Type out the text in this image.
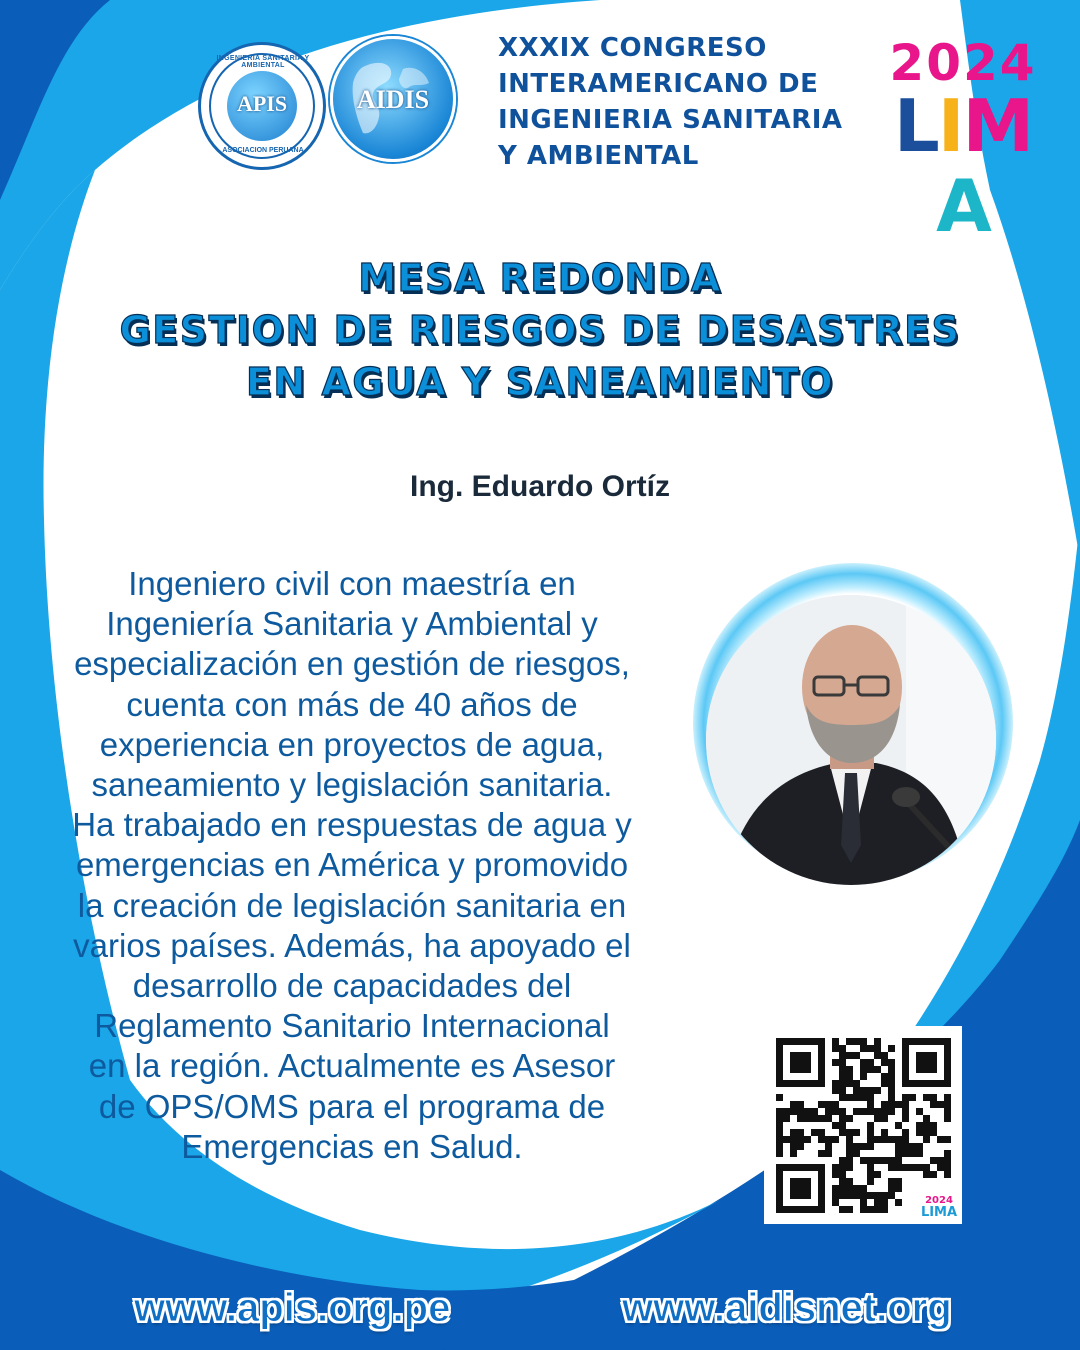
INGENIERIA SANITARIA Y AMBIENTAL
APIS
ASOCIACION PERUANA
AIDIS
XXXIX CONGRESO
INTERAMERICANO DE
INGENIERIA SANITARIA
Y AMBIENTAL
2024
LIMA
MESA REDONDA
GESTION DE RIESGOS DE DESASTRES
EN AGUA Y SANEAMIENTO
Ing. Eduardo Ortíz
Ingeniero civil con maestría en
Ingeniería Sanitaria y Ambiental y
especialización en gestión de riesgos,
cuenta con más de 40 años de
experiencia en proyectos de agua,
saneamiento y legislación sanitaria.
Ha trabajado en respuestas de agua y
emergencias en América y promovido
la creación de legislación sanitaria en
varios países. Además, ha apoyado el
desarrollo de capacidades del
Reglamento Sanitario Internacional
en la región. Actualmente es Asesor
de OPS/OMS para el programa de
Emergencias en Salud.
2024
LIMA
www.apis.org.pe	www.aidisnet.org
